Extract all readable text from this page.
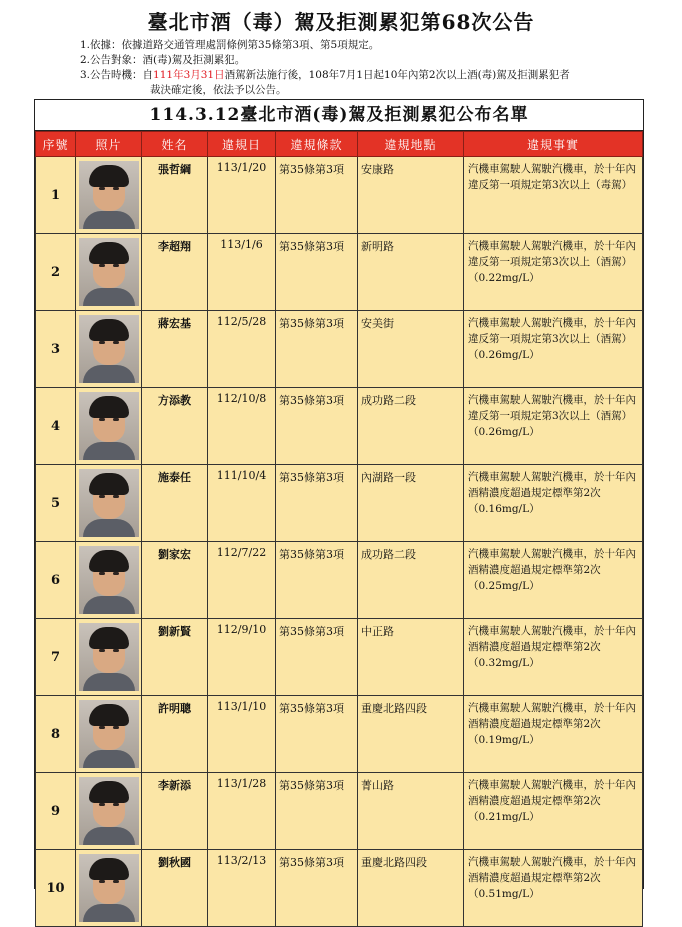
臺北市酒（毒）駕及拒測累犯第68次公告
1.依據：依據道路交通管理處罰條例第35條第3項、第5項規定。
2.公告對象：酒(毒)駕及拒測累犯。
3.公告時機：自111年3月31日酒駕新法施行後，108年7月1日起10年內第2次以上酒(毒)駕及拒測累犯者
裁決確定後，依法予以公告。
114.3.12臺北市酒(毒)駕及拒測累犯公布名單
序號	照片	姓名	違規日	違規條款	違規地點	違規事實
1		張哲綱	113/1/20	第35條第3項	安康路	汽機車駕駛人駕駛汽機車，於十年內違反第一項規定第3次以上（毒駕）
2		李超翔	113/1/6	第35條第3項	新明路	汽機車駕駛人駕駛汽機車，於十年內違反第一項規定第3次以上（酒駕）（0.22mg/L）
3		蔣宏基	112/5/28	第35條第3項	安美街	汽機車駕駛人駕駛汽機車，於十年內違反第一項規定第3次以上（酒駕）（0.26mg/L）
4		方添教	112/10/8	第35條第3項	成功路二段	汽機車駕駛人駕駛汽機車，於十年內違反第一項規定第3次以上（酒駕）（0.26mg/L）
5		施泰任	111/10/4	第35條第3項	內湖路一段	汽機車駕駛人駕駛汽機車，於十年內酒精濃度超過規定標準第2次（0.16mg/L）
6		劉家宏	112/7/22	第35條第3項	成功路二段	汽機車駕駛人駕駛汽機車，於十年內酒精濃度超過規定標準第2次（0.25mg/L）
7		劉新賢	112/9/10	第35條第3項	中正路	汽機車駕駛人駕駛汽機車，於十年內酒精濃度超過規定標準第2次（0.32mg/L）
8		許明聰	113/1/10	第35條第3項	重慶北路四段	汽機車駕駛人駕駛汽機車，於十年內酒精濃度超過規定標準第2次（0.19mg/L）
9		李新添	113/1/28	第35條第3項	菁山路	汽機車駕駛人駕駛汽機車，於十年內酒精濃度超過規定標準第2次（0.21mg/L）
10		劉秋國	113/2/13	第35條第3項	重慶北路四段	汽機車駕駛人駕駛汽機車，於十年內酒精濃度超過規定標準第2次（0.51mg/L）
